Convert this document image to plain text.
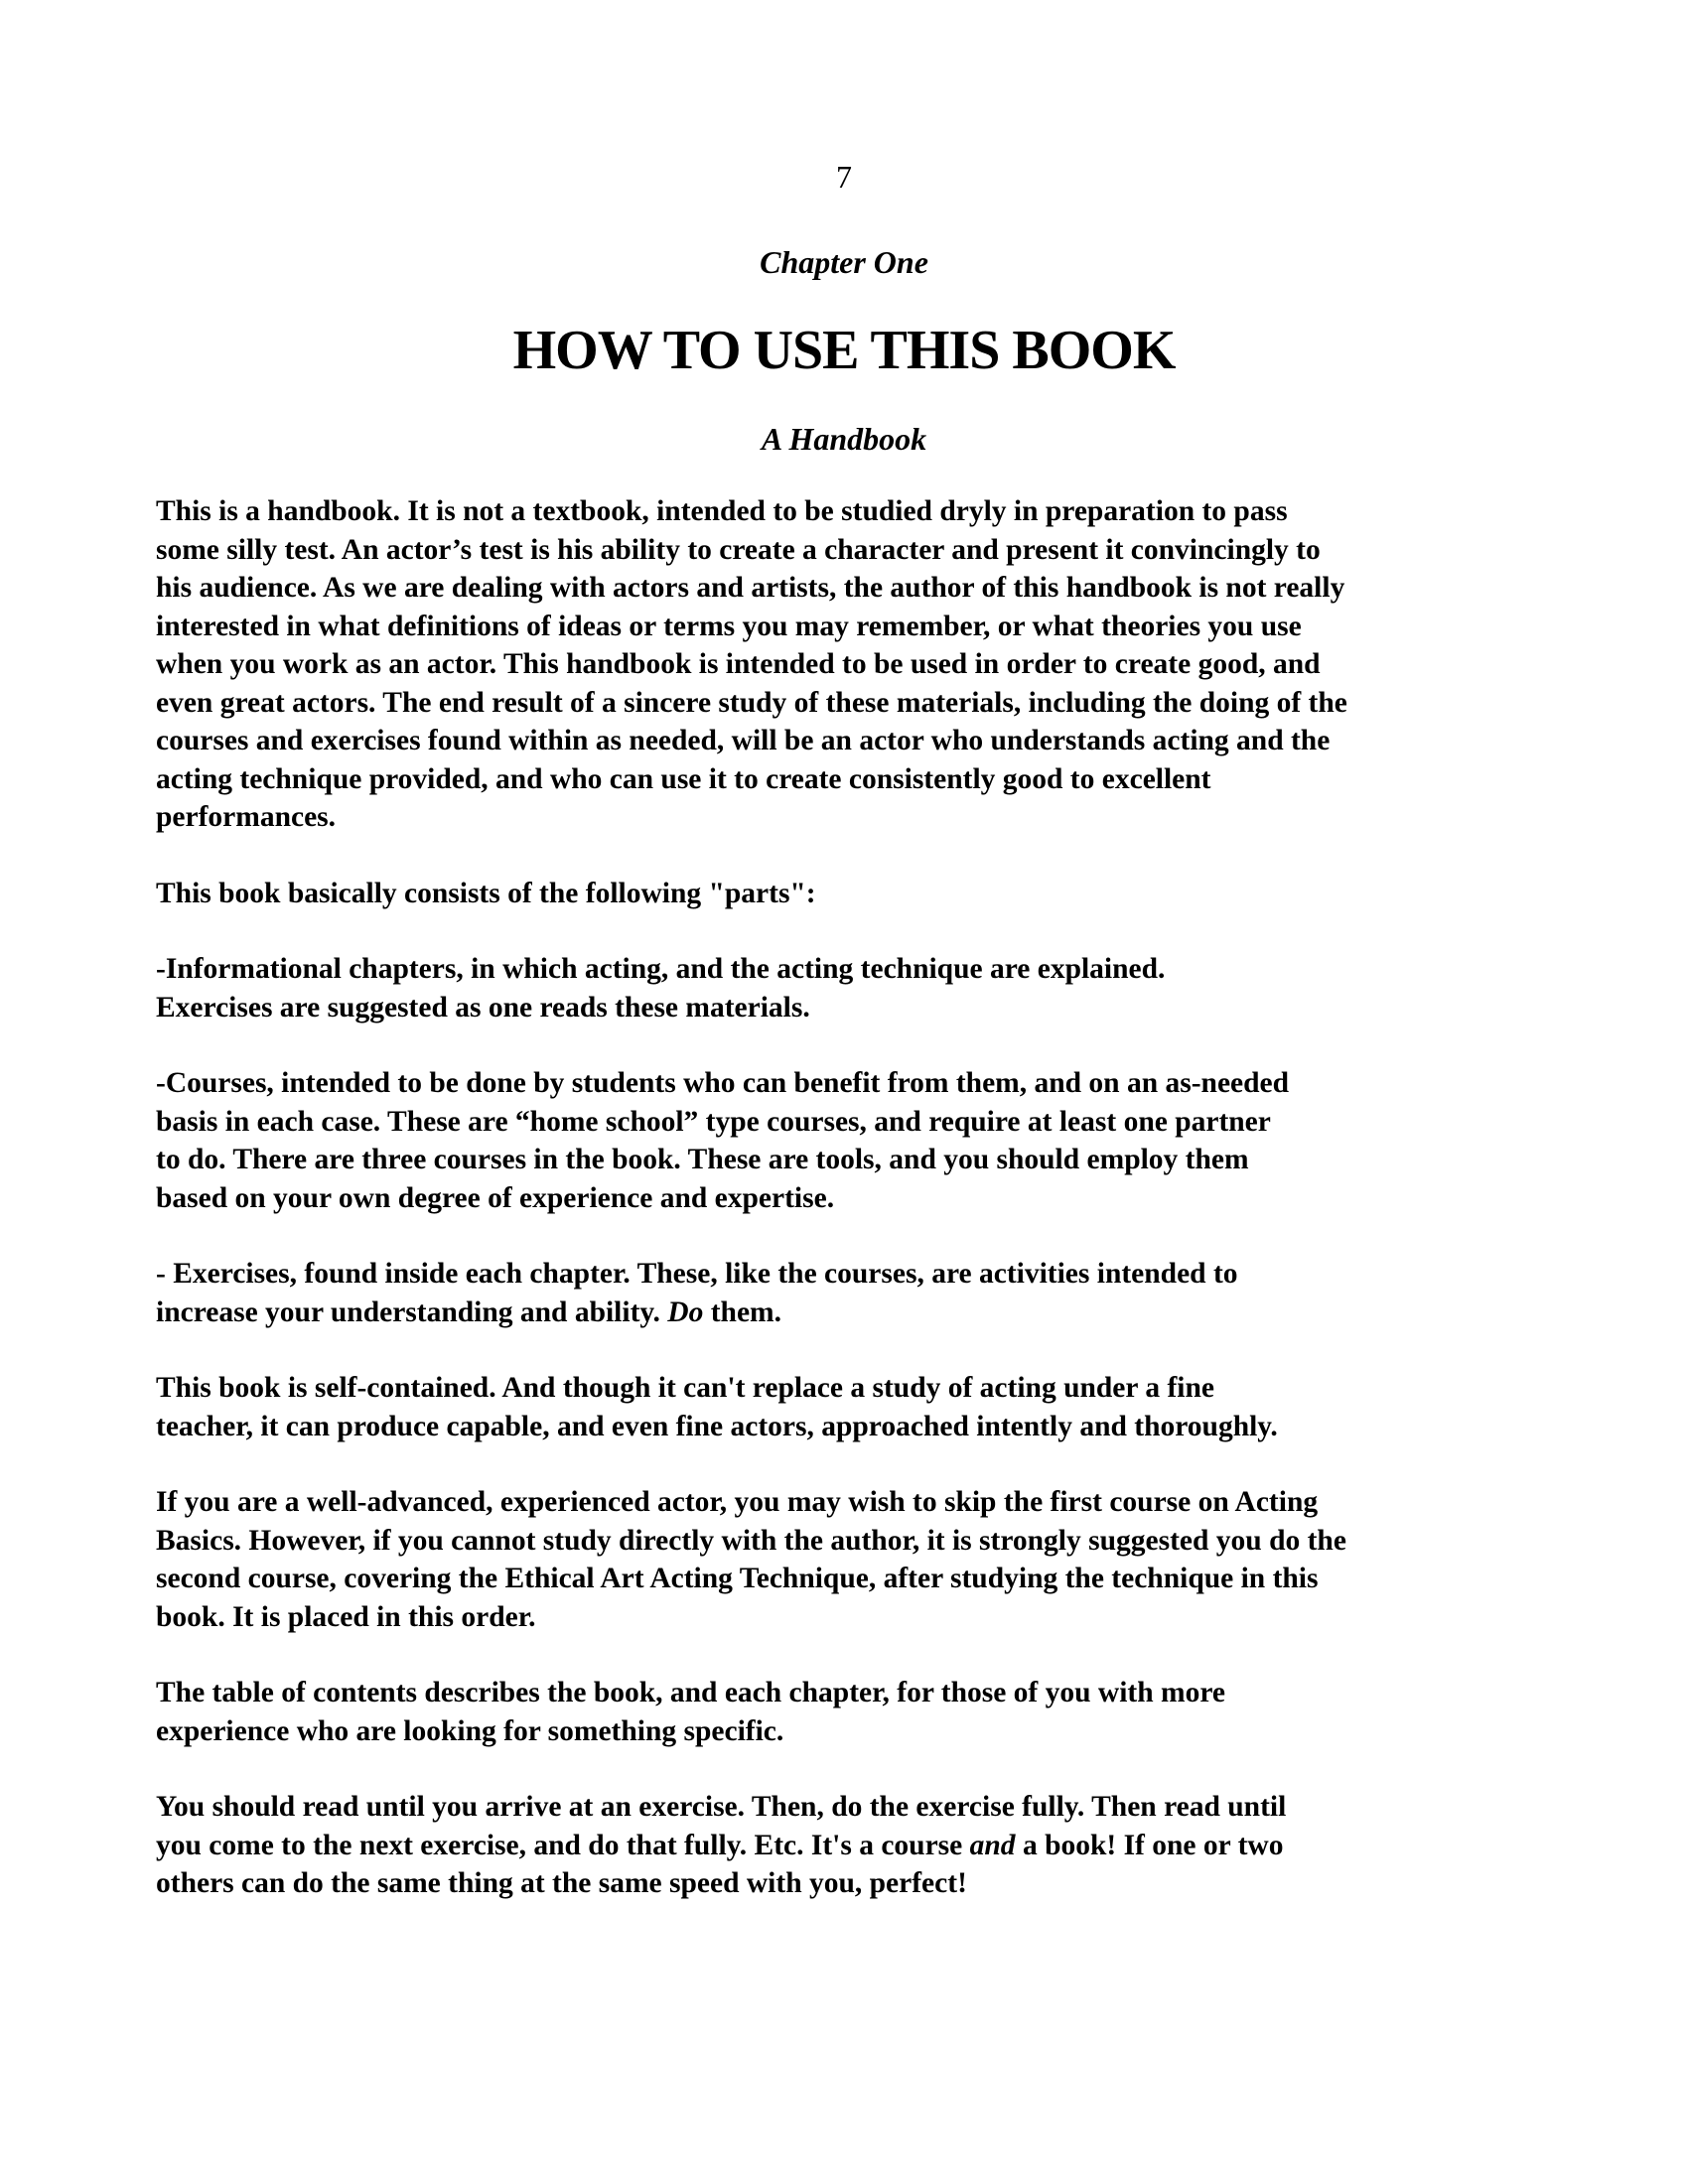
7
Chapter One
HOW TO USE THIS BOOK
A Handbook

This is a handbook. It is not a textbook, intended to be studied dryly in preparation to pass
some silly test. An actor’s test is his ability to create a character and present it convincingly to
his audience. As we are dealing with actors and artists, the author of this handbook is not really
interested in what definitions of ideas or terms you may remember, or what theories you use
when you work as an actor. This handbook is intended to be used in order to create good, and
even great actors. The end result of a sincere study of these materials, including the doing of the
courses and exercises found within as needed, will be an actor who understands acting and the
acting technique provided, and who can use it to create consistently good to excellent
performances.

This book basically consists of the following "parts":

-Informational chapters, in which acting, and the acting technique are explained.
Exercises are suggested as one reads these materials.

-Courses, intended to be done by students who can benefit from them, and on an as-needed
basis in each case. These are “home school” type courses, and require at least one partner
to do. There are three courses in the book. These are tools, and you should employ them
based on your own degree of experience and expertise.

- Exercises, found inside each chapter. These, like the courses, are activities intended to
increase your understanding and ability. Do them.

This book is self-contained. And though it can't replace a study of acting under a fine
teacher, it can produce capable, and even fine actors, approached intently and thoroughly.

If you are a well-advanced, experienced actor, you may wish to skip the first course on Acting
Basics. However, if you cannot study directly with the author, it is strongly suggested you do the
second course, covering the Ethical Art Acting Technique, after studying the technique in this
book. It is placed in this order.

The table of contents describes the book, and each chapter, for those of you with more
experience who are looking for something specific.

You should read until you arrive at an exercise. Then, do the exercise fully. Then read until
you come to the next exercise, and do that fully. Etc. It's a course and a book! If one or two
others can do the same thing at the same speed with you, perfect!
